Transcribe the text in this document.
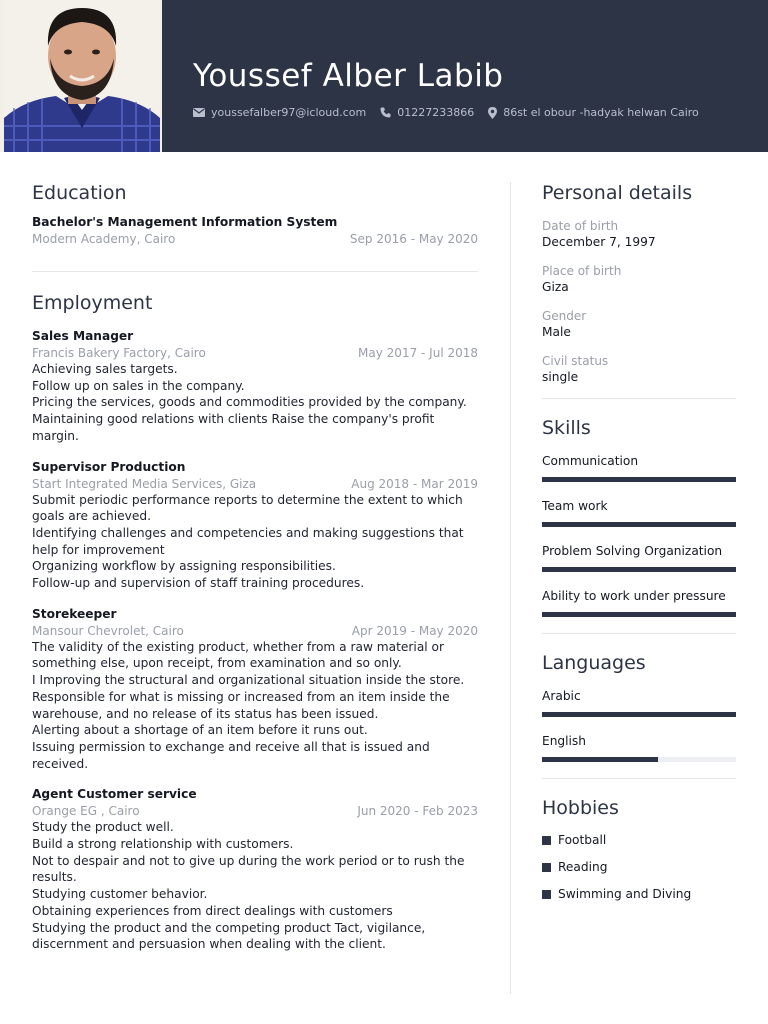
Youssef Alber Labib
youssefalber97@icloud.com	01227233866	86st el obour -hadyak helwan Cairo
Education
Bachelor's Management Information System
Modern Academy, Cairo	Sep 2016 - May 2020
Employment
Sales Manager
Francis Bakery Factory, Cairo	May 2017 - Jul 2018
Achieving sales targets.
Follow up on sales in the company.
Pricing the services, goods and commodities provided by the company.
Maintaining good relations with clients Raise the company's profit margin.
Supervisor Production
Start Integrated Media Services, Giza	Aug 2018 - Mar 2019
Submit periodic performance reports to determine the extent to which goals are achieved.
Identifying challenges and competencies and making suggestions that help for improvement
Organizing workflow by assigning responsibilities.
Follow-up and supervision of staff training procedures.
Storekeeper
Mansour Chevrolet, Cairo	Apr 2019 - May 2020
The validity of the existing product, whether from a raw material or something else, upon receipt, from examination and so only.
I Improving the structural and organizational situation inside the store.
Responsible for what is missing or increased from an item inside the warehouse, and no release of its status has been issued.
Alerting about a shortage of an item before it runs out.
Issuing permission to exchange and receive all that is issued and received.
Agent Customer service
Orange EG , Cairo	Jun 2020 - Feb 2023
Study the product well.
Build a strong relationship with customers.
Not to despair and not to give up during the work period or to rush the results.
Studying customer behavior.
Obtaining experiences from direct dealings with customers
Studying the product and the competing product Tact, vigilance, discernment and persuasion when dealing with the client.
Personal details
Date of birth
December 7, 1997
Place of birth
Giza
Gender
Male
Civil status
single
Skills
Communication
Team work
Problem Solving Organization
Ability to work under pressure
Languages
Arabic
English
Hobbies
Football
Reading
Swimming and Diving
